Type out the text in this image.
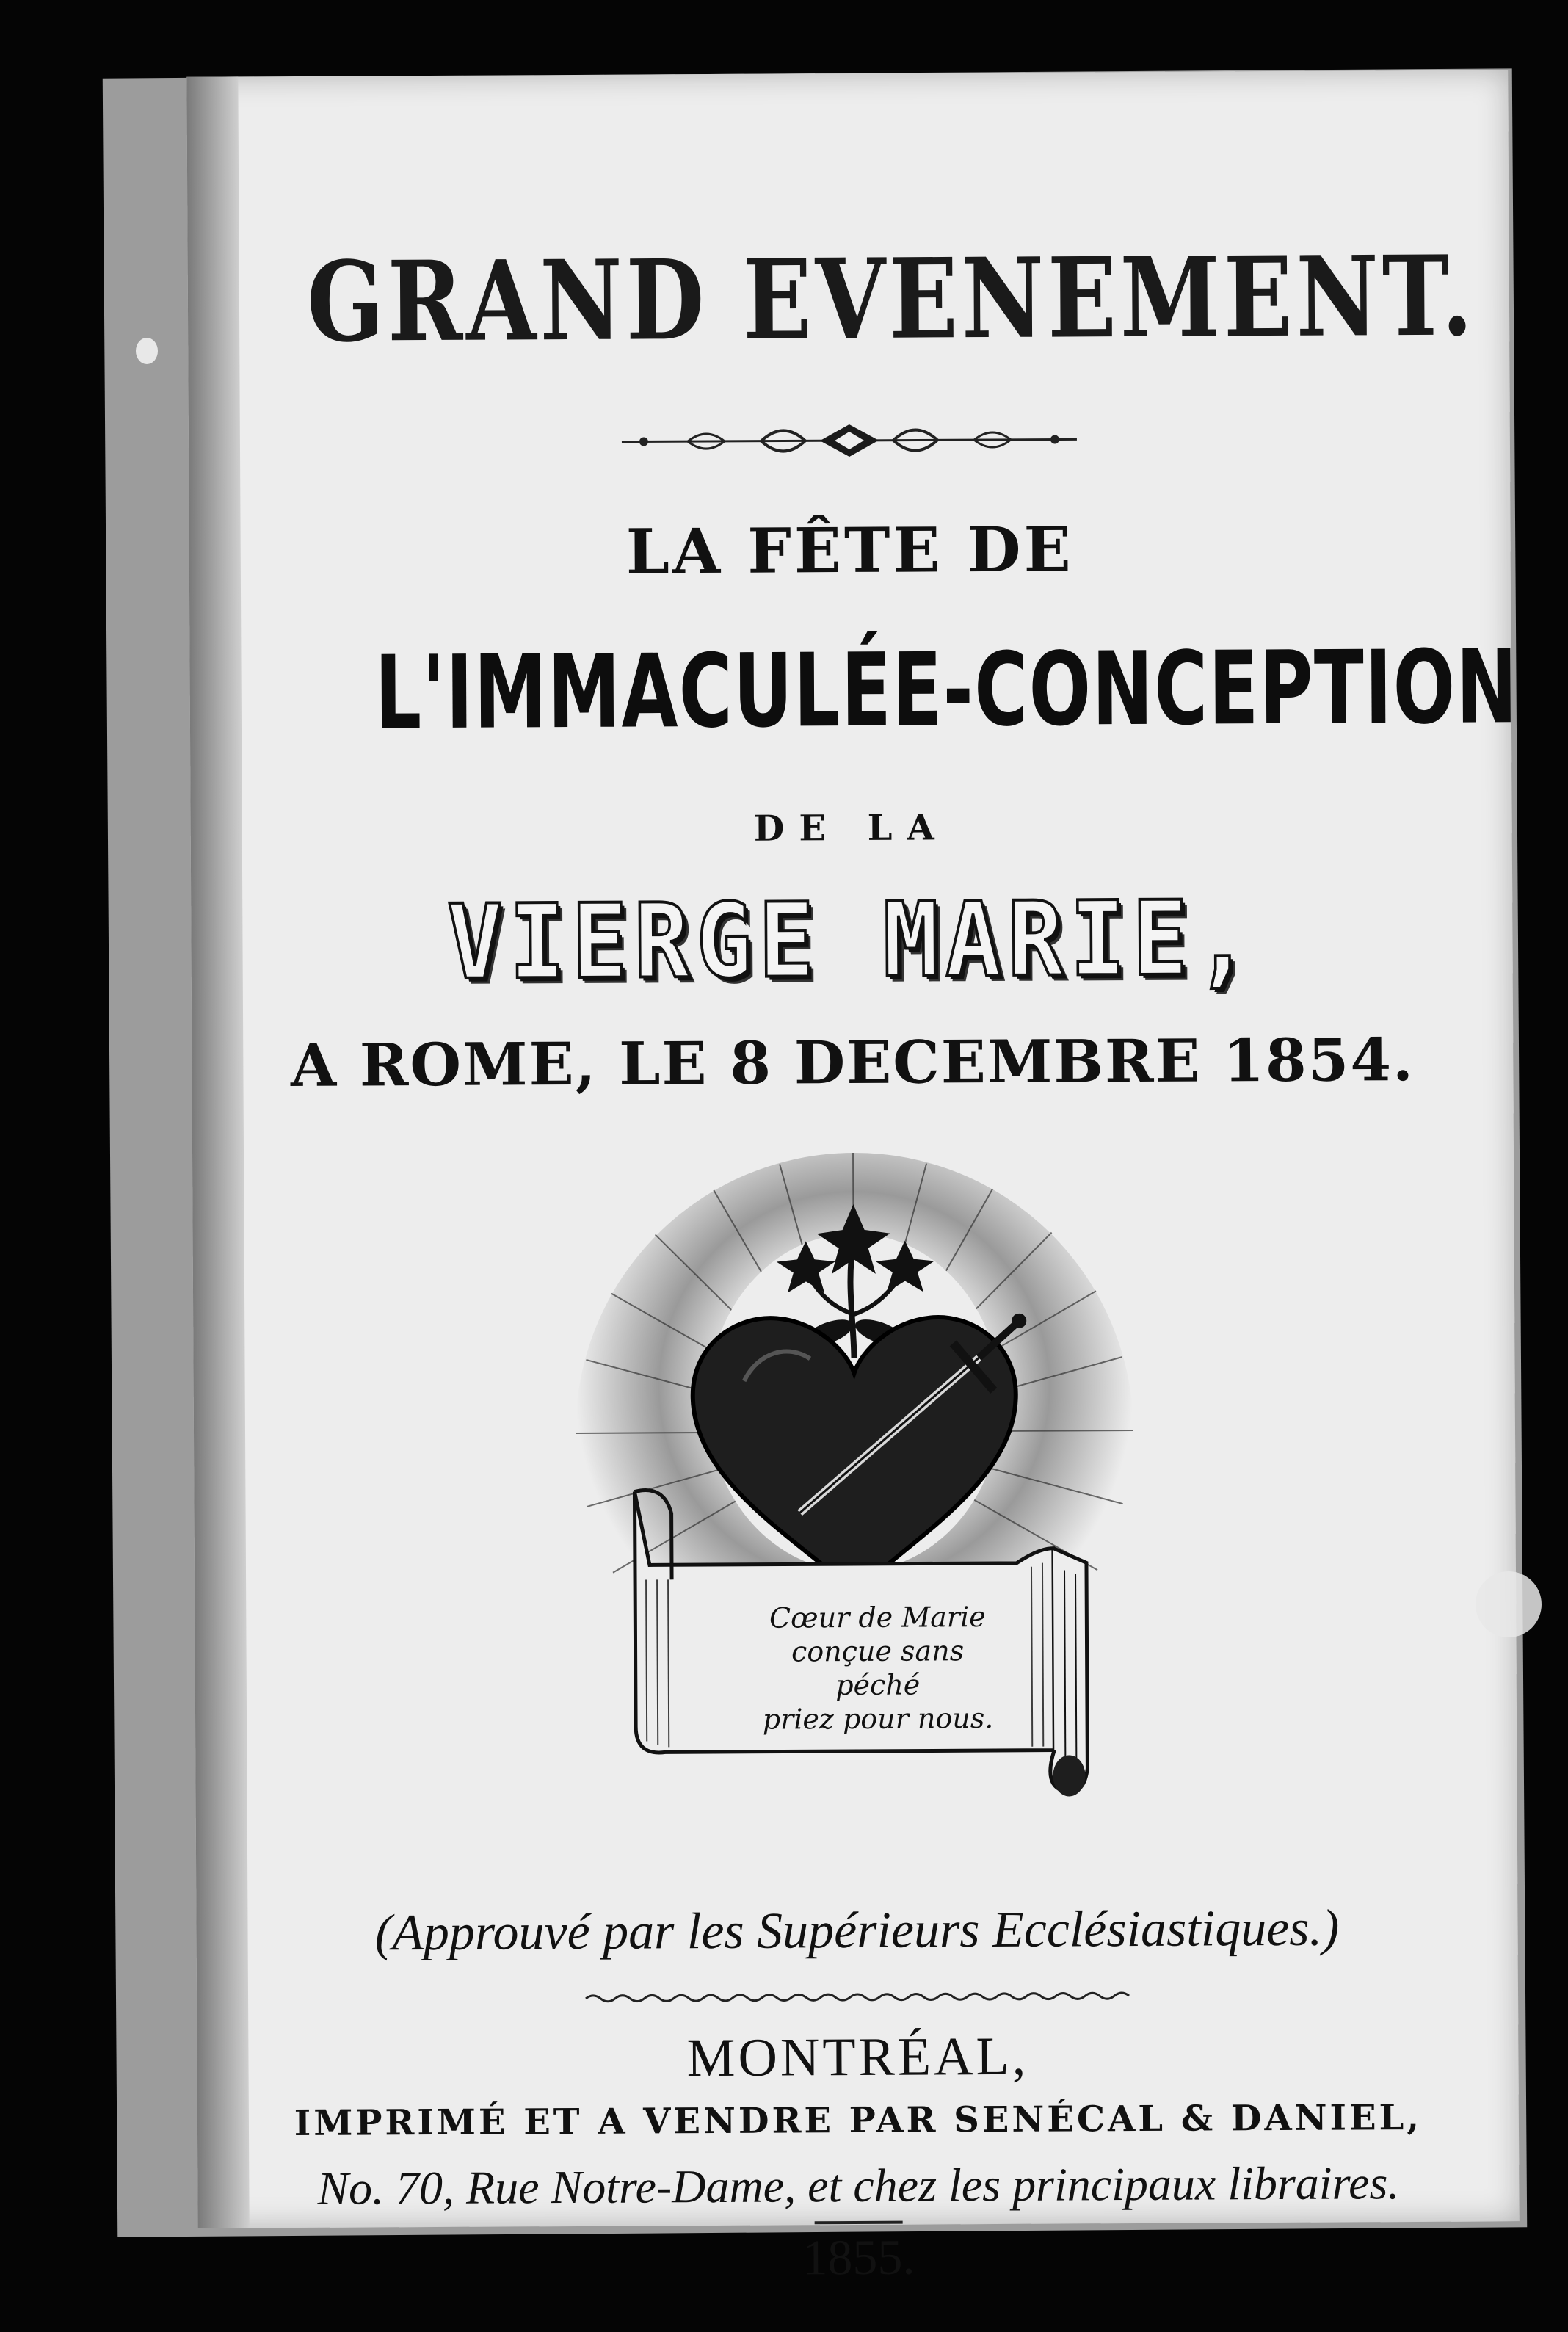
GRAND EVENEMENT.
LA FÊTE DE
L'IMMACULÉE-CONCEPTION
DE LA
VIERGE MARIE,
A ROME, LE 8 DECEMBRE 1854.
Cœur de Marie
conçue sans péché
priez pour nous.
(Approuvé par les Supérieurs Ecclésiastiques.)
MONTRÉAL,
IMPRIMÉ ET A VENDRE PAR SENÉCAL & DANIEL,
No. 70, Rue Notre-Dame, et chez les principaux libraires.
1855.
